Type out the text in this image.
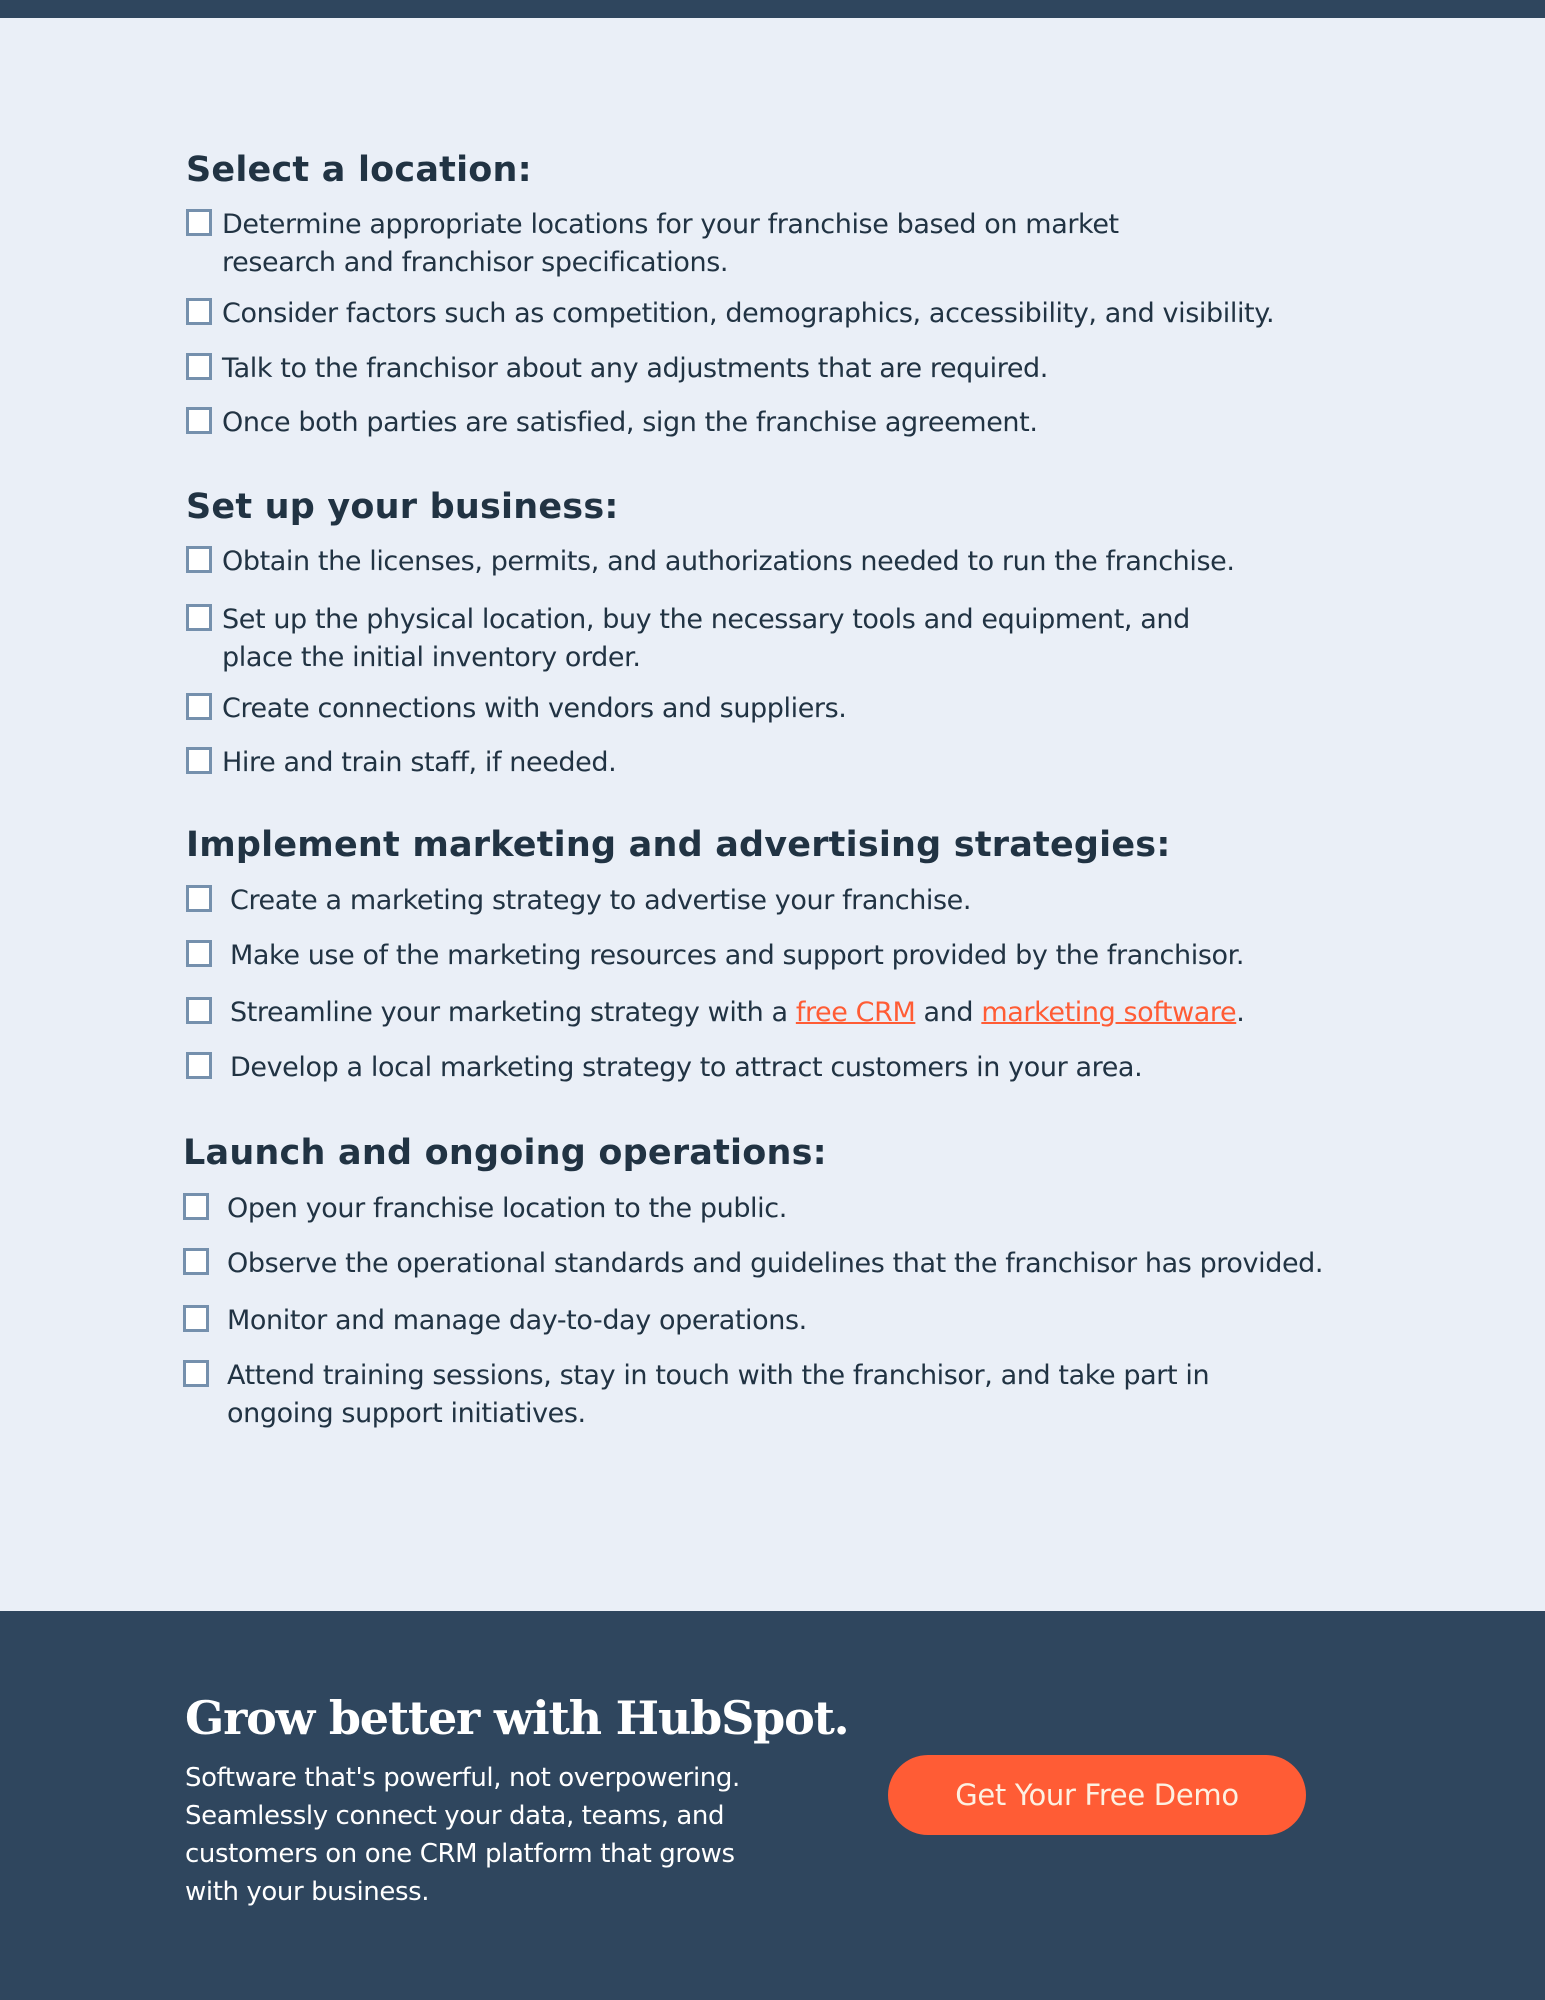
Select a location:
Determine appropriate locations for your franchise based on market
research and franchisor specifications.
Consider factors such as competition, demographics, accessibility, and visibility.
Talk to the franchisor about any adjustments that are required.
Once both parties are satisfied, sign the franchise agreement.
Set up your business:
Obtain the licenses, permits, and authorizations needed to run the franchise.
Set up the physical location, buy the necessary tools and equipment, and
place the initial inventory order.
Create connections with vendors and suppliers.
Hire and train staff, if needed.
Implement marketing and advertising strategies:
Create a marketing strategy to advertise your franchise.
Make use of the marketing resources and support provided by the franchisor.
Streamline your marketing strategy with a free CRM and marketing software.
Develop a local marketing strategy to attract customers in your area.
Launch and ongoing operations:
Open your franchise location to the public.
Observe the operational standards and guidelines that the franchisor has provided.
Monitor and manage day-to-day operations.
Attend training sessions, stay in touch with the franchisor, and take part in
ongoing support initiatives.
Grow better with HubSpot.
Software that's powerful, not overpowering. Seamlessly connect your data, teams, and customers on one CRM platform that grows with your business.
Get Your Free Demo
